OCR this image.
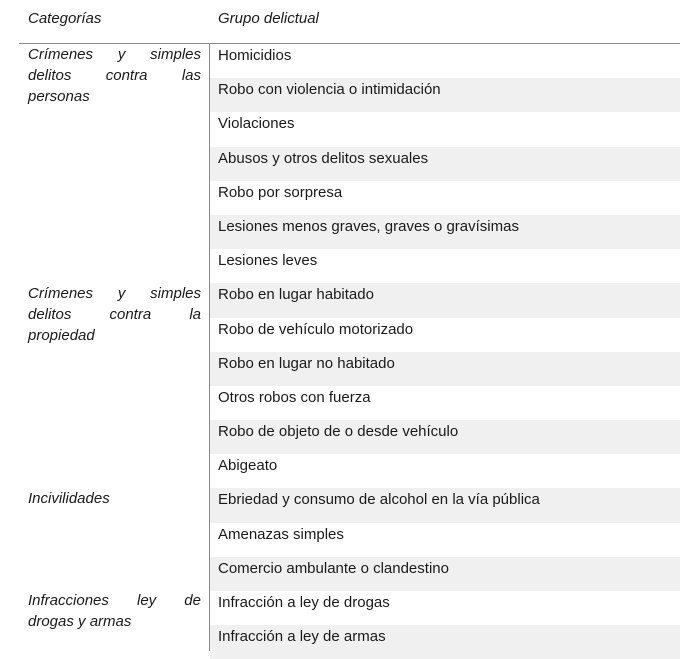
Categorías	Grupo delictual
Crímenes y simples delitos contra las personas
Crímenes y simples delitos contra la propiedad
Incivilidades
Infracciones ley de drogas y armas
Homicidios
Robo con violencia o intimidación
Violaciones
Abusos y otros delitos sexuales
Robo por sorpresa
Lesiones menos graves, graves o gravísimas
Lesiones leves
Robo en lugar habitado
Robo de vehículo motorizado
Robo en lugar no habitado
Otros robos con fuerza
Robo de objeto de o desde vehículo
Abigeato
Ebriedad y consumo de alcohol en la vía pública
Amenazas simples
Comercio ambulante o clandestino
Infracción a ley de drogas
Infracción a ley de armas
